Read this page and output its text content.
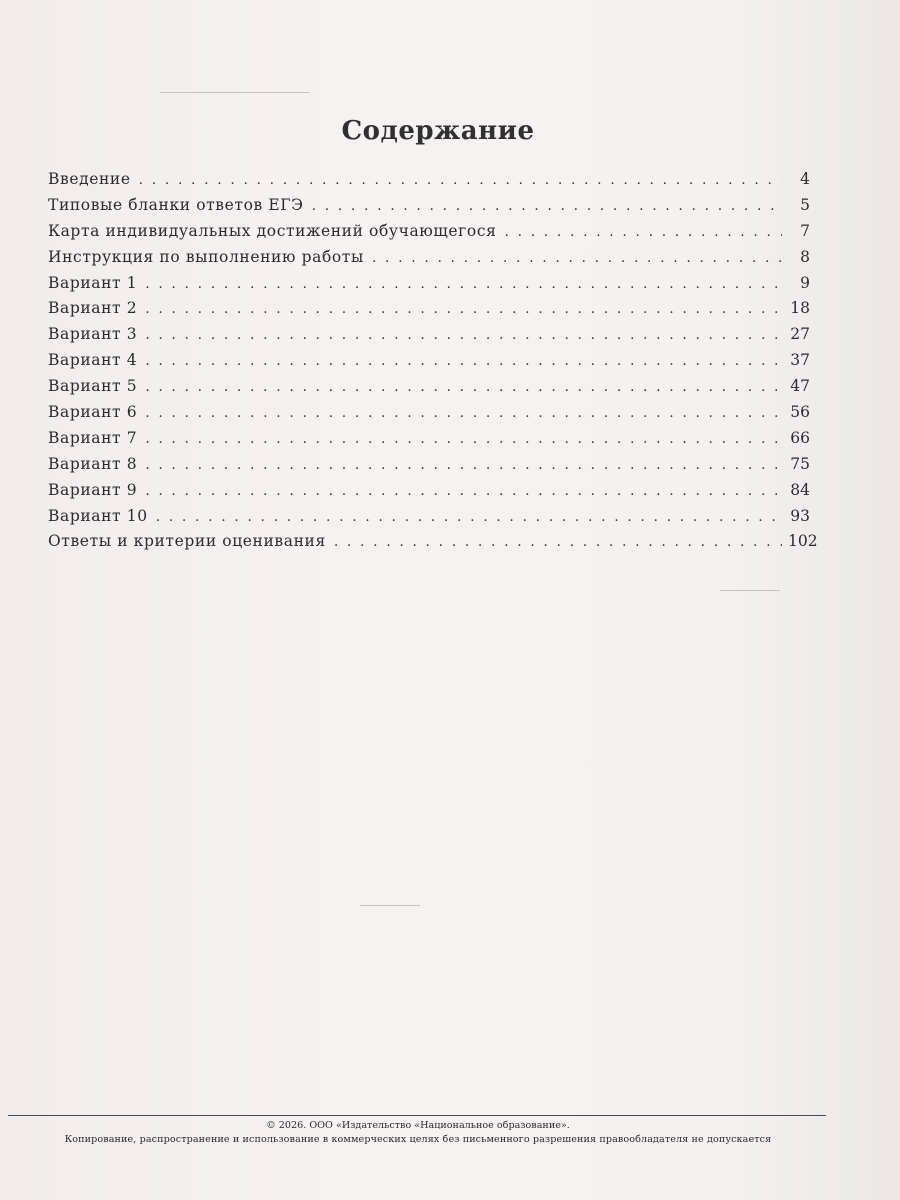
Содержание
Введение . . .	4
Типовые бланки ответов ЕГЭ . . .	5
Карта индивидуальных достижений обучающегося . . .	7
Инструкция по выполнению работы . . .	8
Вариант 1 . . .	9
Вариант 2 . . .	18
Вариант 3 . . .	27
Вариант 4 . . .	37
Вариант 5 . . .	47
Вариант 6 . . .	56
Вариант 7 . . .	66
Вариант 8 . . .	75
Вариант 9 . . .	84
Вариант 10 . . .	93
Ответы и критерии оценивания . . .	102
© 2026. ООО «Издательство «Национальное образование».
Копирование, распространение и использование в коммерческих целях без письменного разрешения правообладателя не допускается
